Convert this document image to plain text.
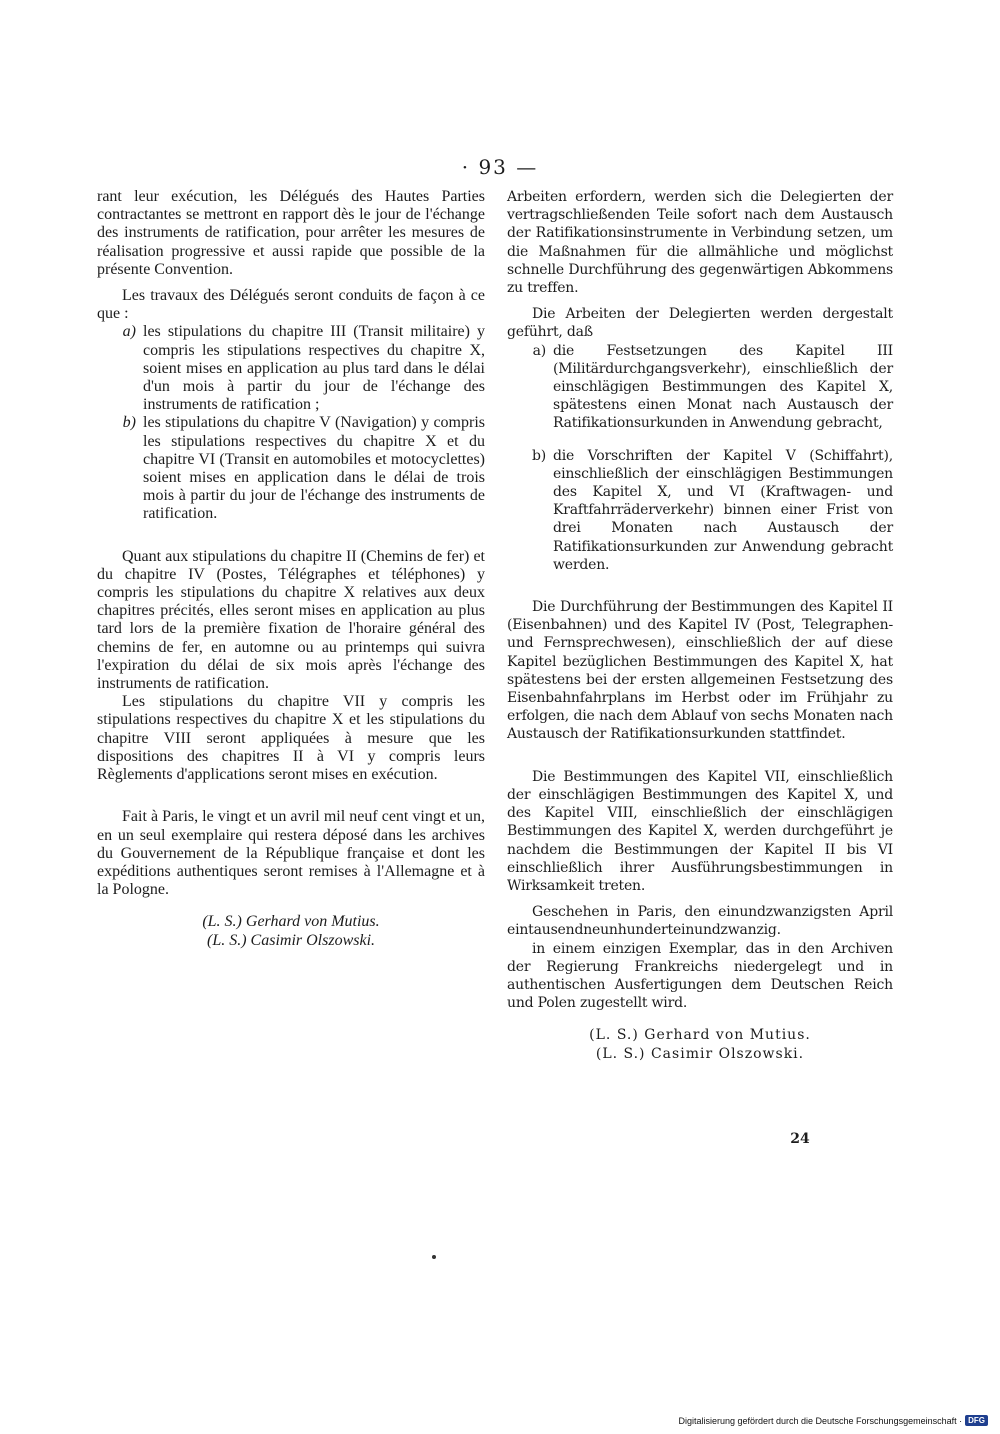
· 93 —

rant leur exécution, les Délégués des Hautes Parties contractantes se mettront en rapport dès le jour de l'échange des instruments de ratification, pour arrêter les mesures de réalisation progressive et aussi rapide que possible de la présente Convention.

Les travaux des Délégués seront conduits de façon à ce que :

a) les stipulations du chapitre III (Transit militaire) y compris les stipulations respectives du chapitre X, soient mises en application au plus tard dans le délai d'un mois à partir du jour de l'échange des instruments de ratification ;
b) les stipulations du chapitre V (Navigation) y compris les stipulations respectives du chapitre X et du chapitre VI (Transit en automobiles et motocyclettes) soient mises en application dans le délai de trois mois à partir du jour de l'échange des instruments de ratification.

Quant aux stipulations du chapitre II (Chemins de fer) et du chapitre IV (Postes, Télégraphes et téléphones) y compris les stipulations du chapitre X relatives aux deux chapitres précités, elles seront mises en application au plus tard lors de la première fixation de l'horaire général des chemins de fer, en automne ou au printemps qui suivra l'expiration du délai de six mois après l'échange des instruments de ratification.

Les stipulations du chapitre VII y compris les stipulations respectives du chapitre X et les stipulations du chapitre VIII seront appliquées à mesure que les dispositions des chapitres II à VI y compris leurs Règlements d'applications seront mises en exécution.

Fait à Paris, le vingt et un avril mil neuf cent vingt et un, en un seul exemplaire qui restera déposé dans les archives du Gouvernement de la République française et dont les expéditions authentiques seront remises à l'Allemagne et à la Pologne.

(L. S.) Gerhard von Mutius.

(L. S.) Casimir Olszowski.

Arbeiten erfordern, werden sich die Delegierten der vertragschließenden Teile sofort nach dem Austausch der Ratifikationsinstrumente in Verbindung setzen, um die Maßnahmen für die allmähliche und möglichst schnelle Durchführung des gegenwärtigen Abkommens zu treffen.

Die Arbeiten der Delegierten werden dergestalt geführt, daß

a) die Festsetzungen des Kapitel III (Militärdurchgangsverkehr), einschließlich der einschlägigen Bestimmungen des Kapitel X, spätestens einen Monat nach Austausch der Ratifikationsurkunden in Anwendung gebracht,
b) die Vorschriften der Kapitel V (Schiffahrt), einschließlich der einschlägigen Bestimmungen des Kapitel X, und VI (Kraftwagen- und Kraftfahrräderverkehr) binnen einer Frist von drei Monaten nach Austausch der Ratifikationsurkunden zur Anwendung gebracht werden.

Die Durchführung der Bestimmungen des Kapitel II (Eisenbahnen) und des Kapitel IV (Post, Telegraphen- und Fernsprechwesen), einschließlich der auf diese Kapitel bezüglichen Bestimmungen des Kapitel X, hat spätestens bei der ersten allgemeinen Festsetzung des Eisenbahnfahrplans im Herbst oder im Frühjahr zu erfolgen, die nach dem Ablauf von sechs Monaten nach Austausch der Ratifikationsurkunden stattfindet.

Die Bestimmungen des Kapitel VII, einschließlich der einschlägigen Bestimmungen des Kapitel X, und des Kapitel VIII, einschließlich der einschlägigen Bestimmungen des Kapitel X, werden durchgeführt je nachdem die Bestimmungen der Kapitel II bis VI einschließlich ihrer Ausführungsbestimmungen in Wirksamkeit treten.

Geschehen in Paris, den einundzwanzigsten April eintausendneunhunderteinundzwanzig.

in einem einzigen Exemplar, das in den Archiven der Regierung Frankreichs niedergelegt und in authentischen Ausfertigungen dem Deutschen Reich und Polen zugestellt wird.

(L. S.) Gerhard von Mutius.

(L. S.) Casimir Olszowski.

24
Digitalisierung gefördert durch die Deutsche Forschungsgemeinschaft · DFG
